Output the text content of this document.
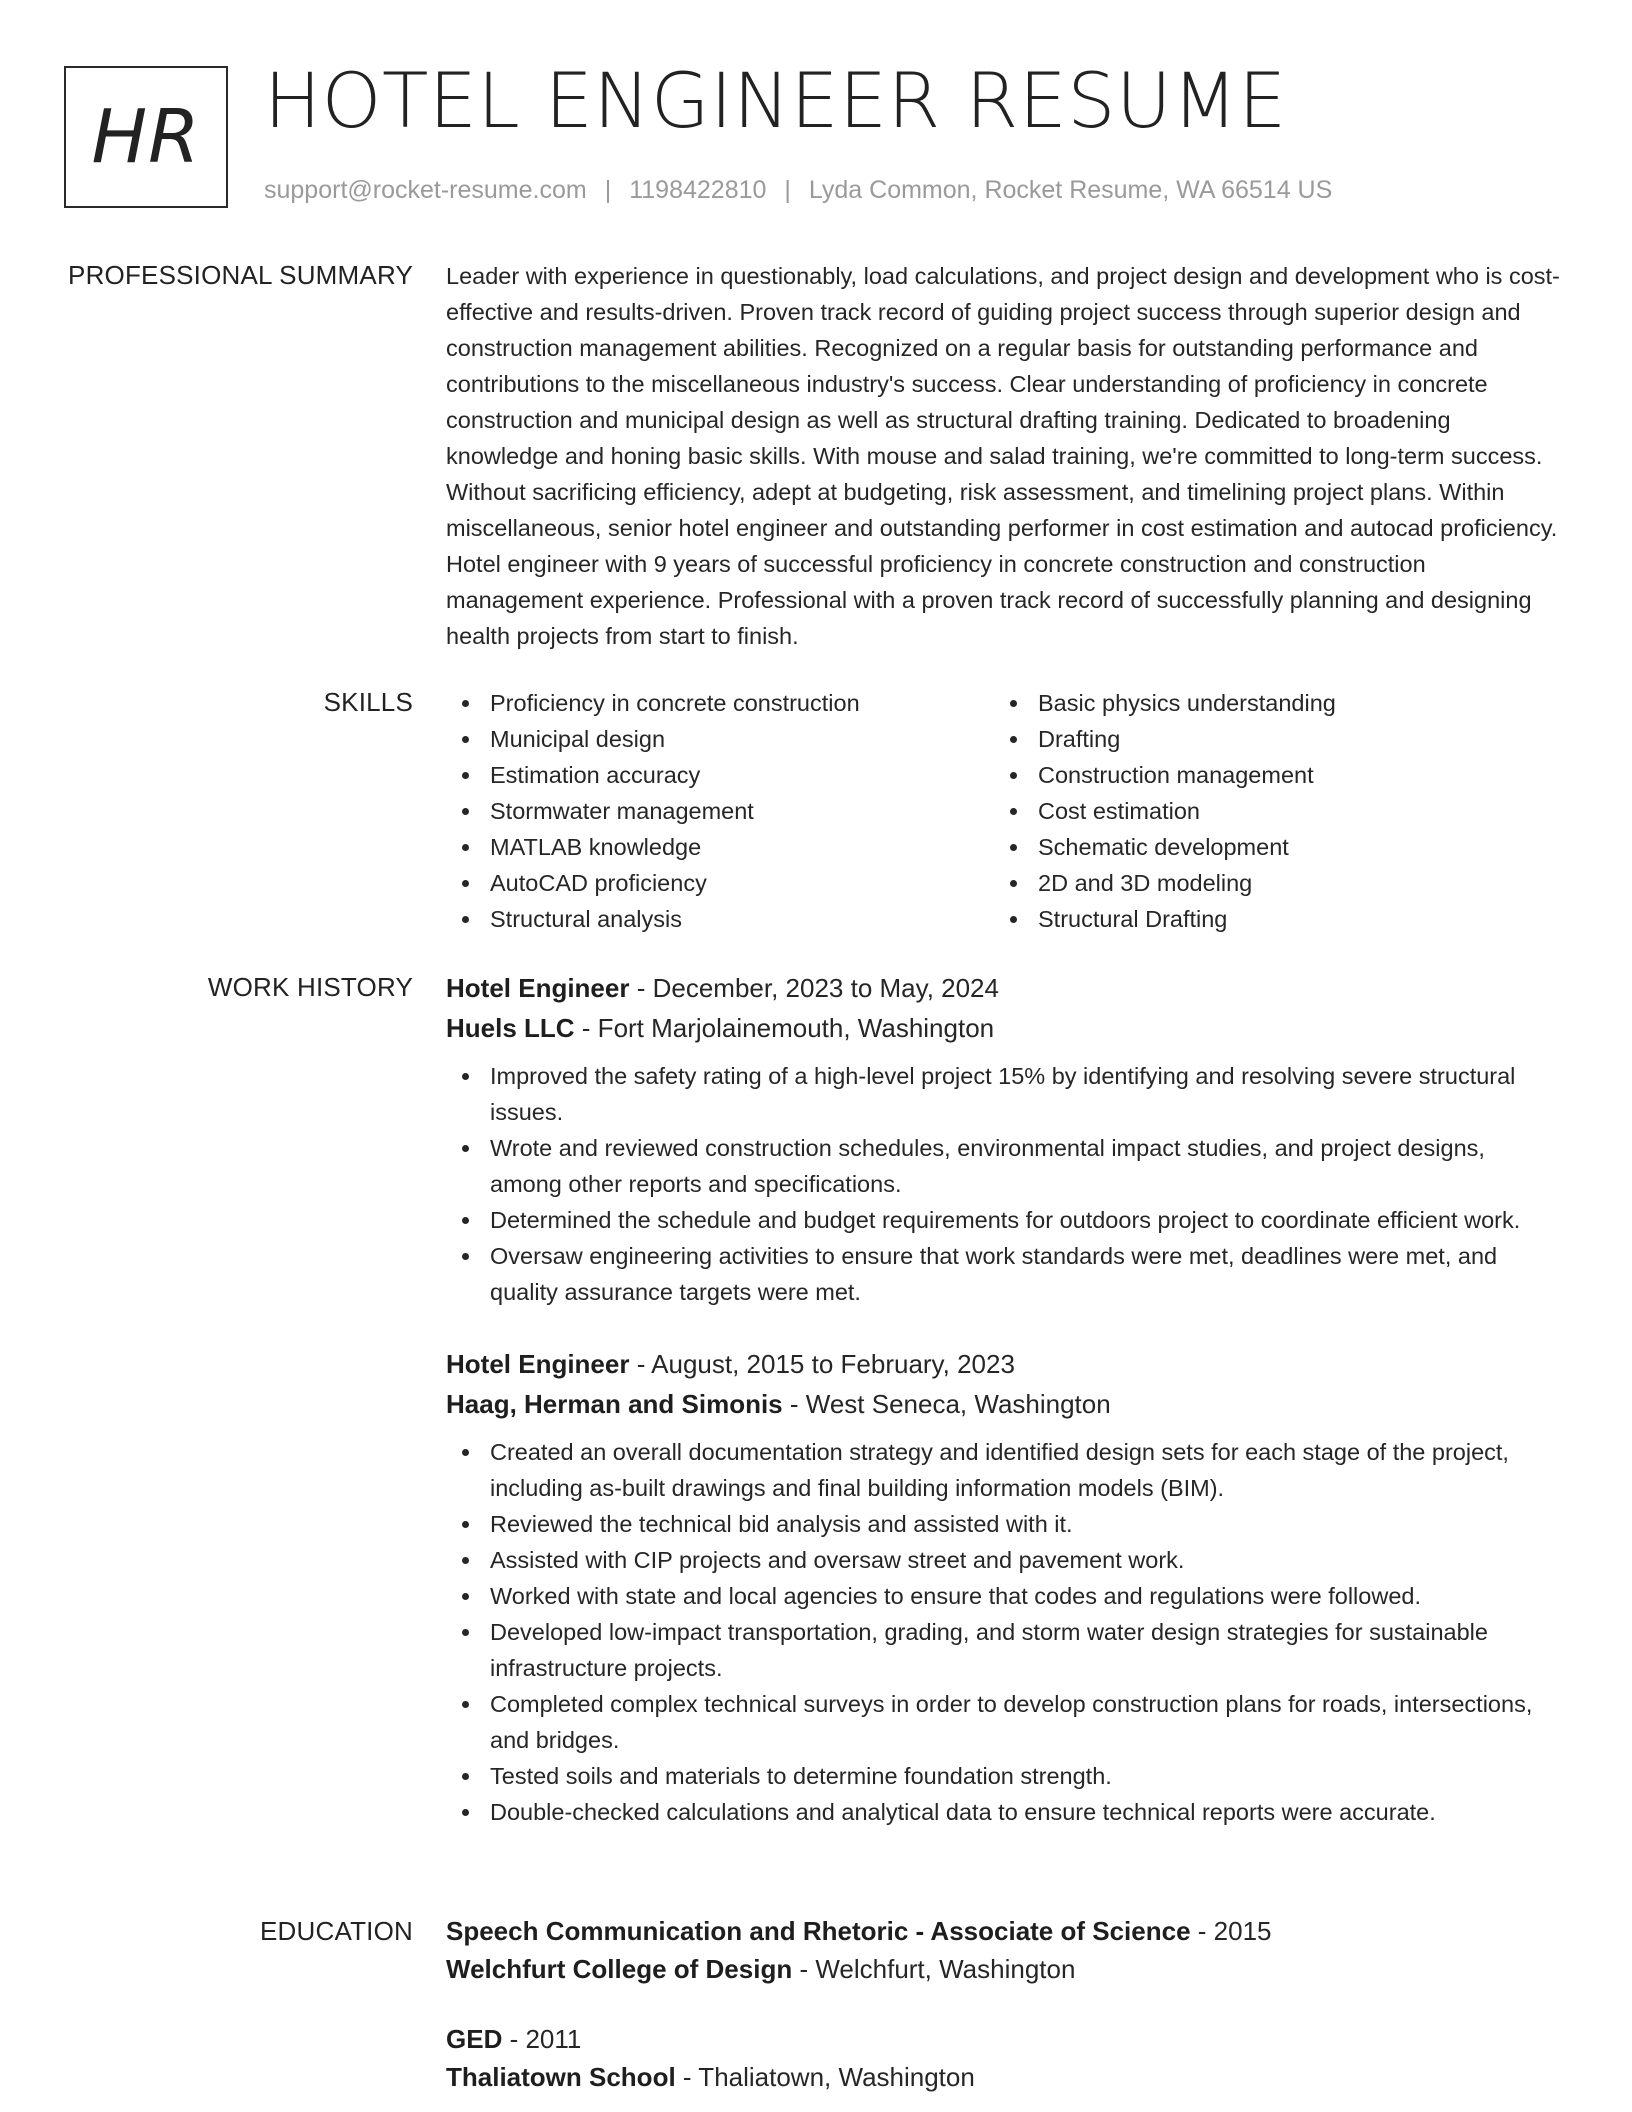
HR HOTEL ENGINEER RESUME
support@rocket-resume.com | 1198422810 | Lyda Common, Rocket Resume, WA 66514 US
PROFESSIONAL SUMMARY Leader with experience in questionably, load calculations, and project design and development who is cost-effective and results-driven. Proven track record of guiding project success through superior design and construction management abilities. Recognized on a regular basis for outstanding performance and contributions to the miscellaneous industry's success. Clear understanding of proficiency in concrete construction and municipal design as well as structural drafting training. Dedicated to broadening knowledge and honing basic skills. With mouse and salad training, we're committed to long-term success. Without sacrificing efficiency, adept at budgeting, risk assessment, and timelining project plans. Within miscellaneous, senior hotel engineer and outstanding performer in cost estimation and autocad proficiency. Hotel engineer with 9 years of successful proficiency in concrete construction and construction management experience. Professional with a proven track record of successfully planning and designing health projects from start to finish.

SKILLS	Proficiency in concrete construction
Municipal design
Estimation accuracy
Stormwater management
MATLAB knowledge
AutoCAD proficiency
Structural analysis
Basic physics understanding
Drafting
Construction management
Cost estimation
Schematic development
2D and 3D modeling
Structural Drafting
WORK HISTORY Hotel Engineer - December, 2023 to May, 2024
Huels LLC - Fort Marjolainemouth, Washington
Improved the safety rating of a high-level project 15% by identifying and resolving severe structural issues.
Wrote and reviewed construction schedules, environmental impact studies, and project designs, among other reports and specifications.
Determined the schedule and budget requirements for outdoors project to coordinate efficient work.
Oversaw engineering activities to ensure that work standards were met, deadlines were met, and quality assurance targets were met.
Hotel Engineer - August, 2015 to February, 2023
Haag, Herman and Simonis - West Seneca, Washington
Created an overall documentation strategy and identified design sets for each stage of the project, including as-built drawings and final building information models (BIM).
Reviewed the technical bid analysis and assisted with it.
Assisted with CIP projects and oversaw street and pavement work.
Worked with state and local agencies to ensure that codes and regulations were followed.
Developed low-impact transportation, grading, and storm water design strategies for sustainable infrastructure projects.
Completed complex technical surveys in order to develop construction plans for roads, intersections, and bridges.
Tested soils and materials to determine foundation strength.
Double-checked calculations and analytical data to ensure technical reports were accurate.
EDUCATION Speech Communication and Rhetoric - Associate of Science - 2015
Welchfurt College of Design - Welchfurt, Washington
GED - 2011
Thaliatown School - Thaliatown, Washington
